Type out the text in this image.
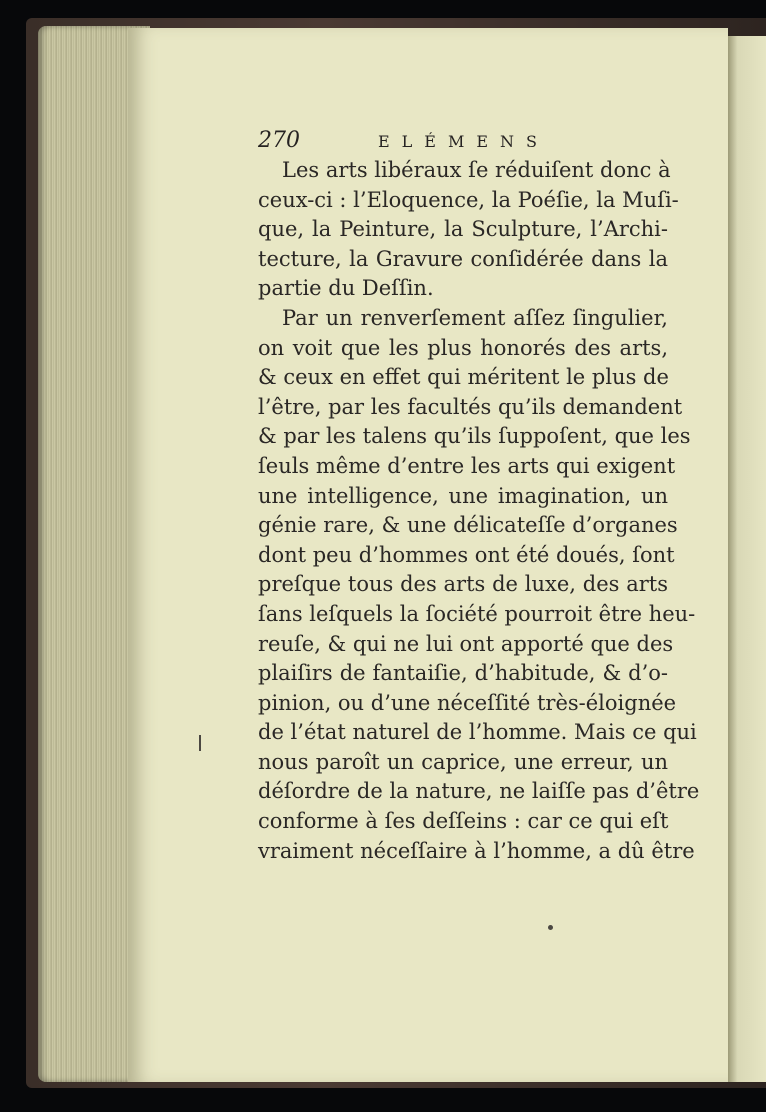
270	ELÉMENS
Les arts libéraux ſe réduiſent donc à
ceux-ci : l’Eloquence, la Poéſie, la Muſi-
que, la Peinture, la Sculpture, l’Archi-
tecture, la Gravure conſidérée dans la
partie du Deſſin.
Par un renverſement aſſez ſingulier,
on voit que les plus honorés des arts,
& ceux en effet qui méritent le plus de
l’être, par les facultés qu’ils demandent
& par les talens qu’ils ſuppoſent, que les
ſeuls même d’entre les arts qui exigent
une intelligence, une imagination, un
génie rare, & une délicateſſe d’organes
dont peu d’hommes ont été doués, ſont
preſque tous des arts de luxe, des arts
ſans leſquels la ſociété pourroit être heu-
reuſe, & qui ne lui ont apporté que des
plaiſirs de fantaiſie, d’habitude, & d’o-
pinion, ou d’une néceſſité très-éloignée
de l’état naturel de l’homme. Mais ce qui
nous paroît un caprice, une erreur, un
déſordre de la nature, ne laiſſe pas d’être
conforme à ſes deſſeins : car ce qui eſt
vraiment néceſſaire à l’homme, a dû être
